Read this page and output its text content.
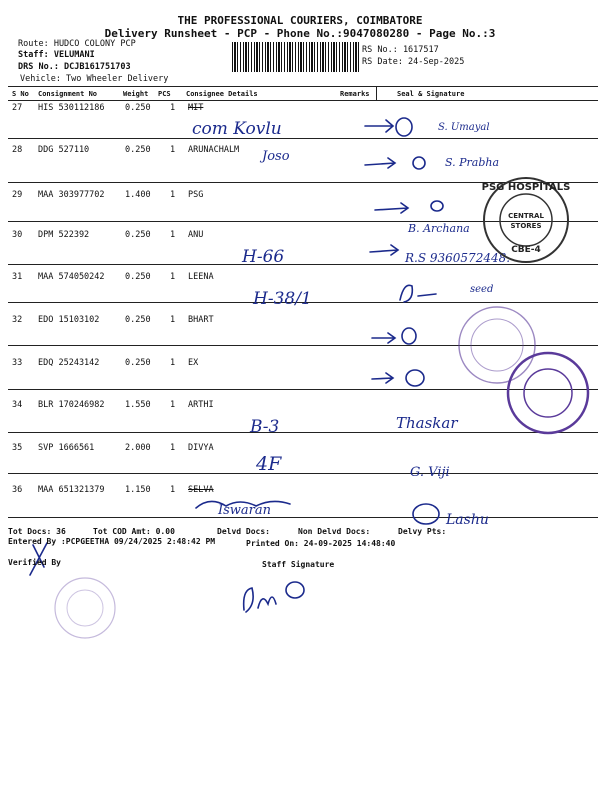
THE PROFESSIONAL COURIERS, COIMBATORE
Delivery Runsheet - PCP - Phone No.:9047080280 - Page No.:3
Route: HUDCO COLONY PCP
Staff: VELUMANI
DRS No.: DCJB161751703
Vehicle: Two Wheeler Delivery
RS No.: 1617517
RS Date: 24-Sep-2025
S No Consignment No	Weight PCS Consignee Details	Remarks	Seal & Signature
27 HIS 530112186 0.250 1 MIT
28 DDG 527110	0.250 1 ARUNACHALM
29 MAA 303977702 1.400 1 PSG
30 DPM 522392	0.250 1 ANU
31 MAA 574050242 0.250 1 LEENA
32 EDO 15103102	0.250 1 BHART
33 EDQ 25243142	0.250 1 EX
34 BLR 170246982 1.550 1 ARTHI
35 SVP 1666561	2.000 1 DIVYA
36 MAA 651321379 1.150 1 SELVA
com Kovlu	S. Umayal
Joso	S. Prabha
B. Archana
H-66	R.S 9360572448.
H-38/1	seed
B-3	Thaskar
4F	G. Viji
Iswaran
Lashu
PSG HOSPITALS
CENTRAL
STORES
CBE-4
Tot Docs: 36	Tot COD Amt: 0.00	Delvd Docs:	Non Delvd Docs:	Delvy Pts:
Entered By :PCPGEETHA 09/24/2025 2:48:42 PM	Printed On: 24-09-2025 14:48:40
Verified By	Staff Signature
